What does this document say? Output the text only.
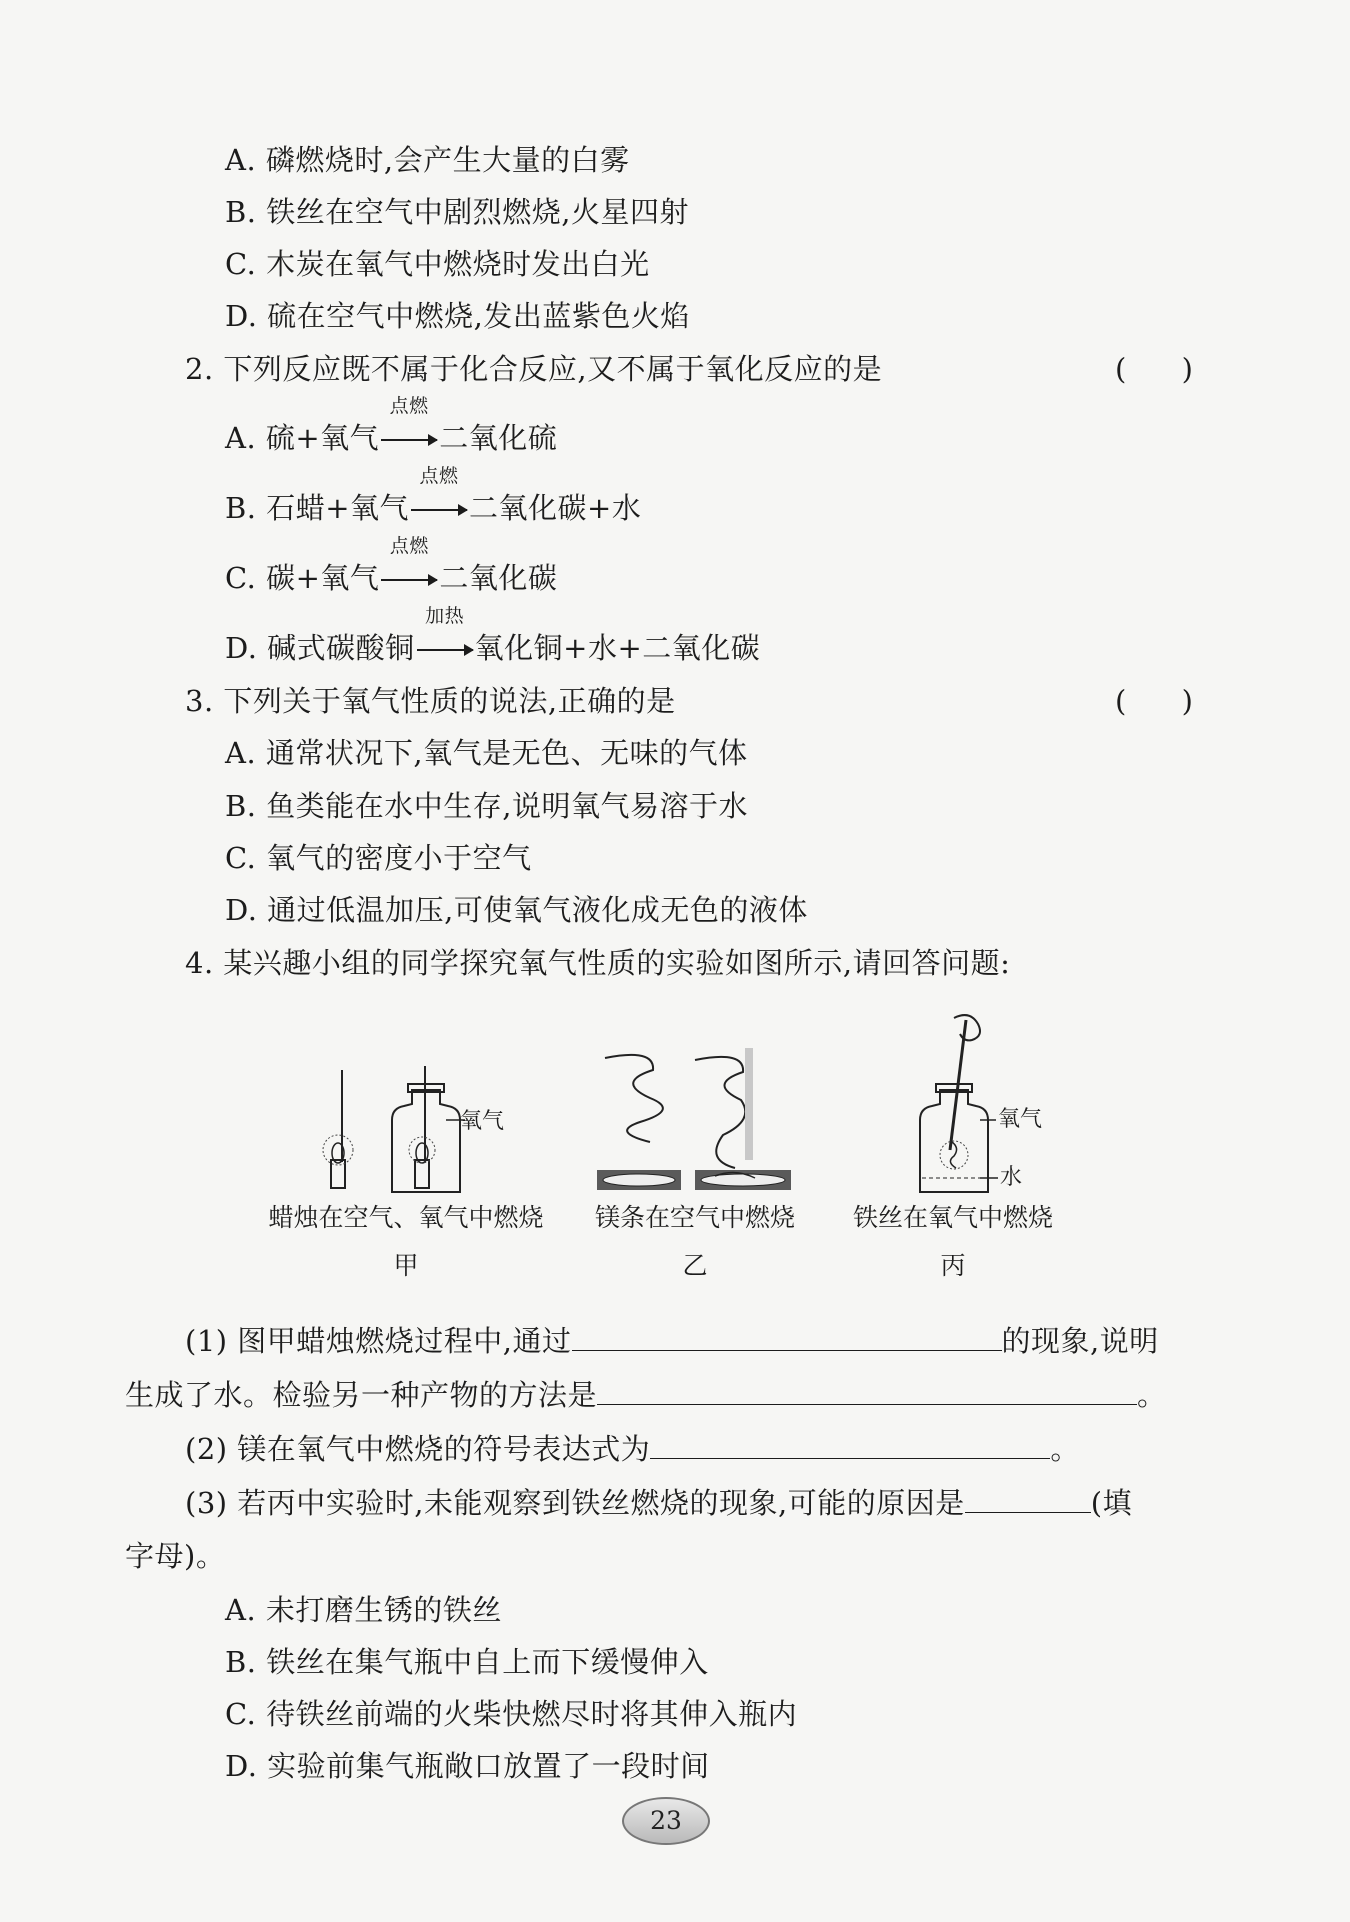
A. 磷燃烧时,会产生大量的白雾
B. 铁丝在空气中剧烈燃烧,火星四射
C. 木炭在氧气中燃烧时发出白光
D. 硫在空气中燃烧,发出蓝紫色火焰
2. 下列反应既不属于化合反应,又不属于氧化反应的是	(      )
A. 硫+氧气
点燃
二氧化硫
B. 石蜡+氧气
点燃
二氧化碳+水
C. 碳+氧气
点燃
二氧化碳
D. 碱式碳酸铜
加热
氧化铜+水+二氧化碳
3. 下列关于氧气性质的说法,正确的是	(      )
A. 通常状况下,氧气是无色、无味的气体
B. 鱼类能在水中生存,说明氧气易溶于水
C. 氧气的密度小于空气
D. 通过低温加压,可使氧气液化成无色的液体
4. 某兴趣小组的同学探究氧气性质的实验如图所示,请回答问题:
氧气
蜡烛在空气、氧气中燃烧
甲
镁条在空气中燃烧
乙
氧气
水
铁丝在氧气中燃烧
丙
(1) 图甲蜡烛燃烧过程中,通过	的现象,说明
生成了水。检验另一种产物的方法是	。
(2) 镁在氧气中燃烧的符号表达式为	。
(3) 若丙中实验时,未能观察到铁丝燃烧的现象,可能的原因是	(填
字母)。
A. 未打磨生锈的铁丝
B. 铁丝在集气瓶中自上而下缓慢伸入
C. 待铁丝前端的火柴快燃尽时将其伸入瓶内
D. 实验前集气瓶敞口放置了一段时间
23
